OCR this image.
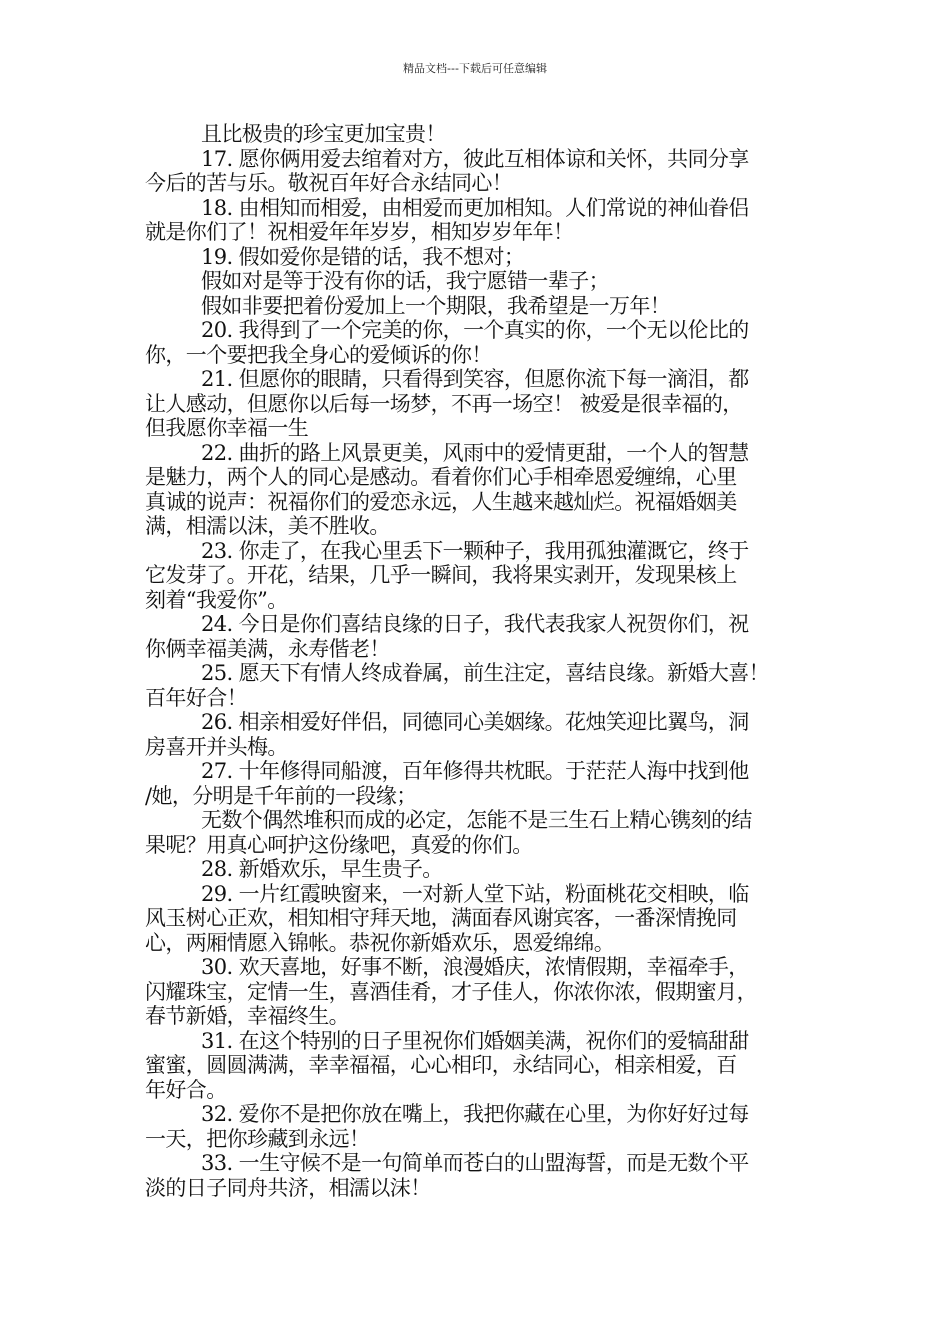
精品文档---下载后可任意编辑
且比极贵的珍宝更加宝贵！
17. 愿你俩用爱去绾着对方，彼此互相体谅和关怀，共同分享
今后的苦与乐。敬祝百年好合永结同心！
18. 由相知而相爱，由相爱而更加相知。人们常说的神仙眷侣
就是你们了！祝相爱年年岁岁，相知岁岁年年！
19. 假如爱你是错的话，我不想对；
假如对是等于没有你的话，我宁愿错一辈子；
假如非要把着份爱加上一个期限，我希望是一万年！
20. 我得到了一个完美的你，一个真实的你，一个无以伦比的
你，一个要把我全身心的爱倾诉的你！
21. 但愿你的眼睛，只看得到笑容，但愿你流下每一滴泪，都
让人感动，但愿你以后每一场梦，不再一场空！ 被爱是很幸福的，
但我愿你幸福一生
22. 曲折的路上风景更美，风雨中的爱情更甜，一个人的智慧
是魅力，两个人的同心是感动。看着你们心手相牵恩爱缠绵，心里
真诚的说声：祝福你们的爱恋永远，人生越来越灿烂。祝福婚姻美
满，相濡以沫，美不胜收。
23. 你走了，在我心里丢下一颗种子，我用孤独灌溉它，终于
它发芽了。开花，结果，几乎一瞬间，我将果实剥开，发现果核上
刻着“我爱你”。
24. 今日是你们喜结良缘的日子，我代表我家人祝贺你们，祝
你俩幸福美满，永寿偕老！
25. 愿天下有情人终成眷属，前生注定，喜结良缘。新婚大喜！
百年好合！
26. 相亲相爱好伴侣，同德同心美姻缘。花烛笑迎比翼鸟，洞
房喜开并头梅。
27. 十年修得同船渡，百年修得共枕眠。于茫茫人海中找到他
/她，分明是千年前的一段缘；
无数个偶然堆积而成的必定，怎能不是三生石上精心镌刻的结
果呢？用真心呵护这份缘吧，真爱的你们。
28. 新婚欢乐，早生贵子。
29. 一片红霞映窗来，一对新人堂下站，粉面桃花交相映，临
风玉树心正欢，相知相守拜天地，满面春风谢宾客，一番深情挽同
心，两厢情愿入锦帐。恭祝你新婚欢乐，恩爱绵绵。
30. 欢天喜地，好事不断，浪漫婚庆，浓情假期，幸福牵手，
闪耀珠宝，定情一生，喜酒佳肴，才子佳人，你浓你浓，假期蜜月，
春节新婚，幸福终生。
31. 在这个特别的日子里祝你们婚姻美满，祝你们的爱犒甜甜
蜜蜜，圆圆满满，幸幸福福，心心相印，永结同心，相亲相爱，百
年好合。
32. 爱你不是把你放在嘴上，我把你藏在心里，为你好好过每
一天，把你珍藏到永远！
33. 一生守候不是一句简单而苍白的山盟海誓，而是无数个平
淡的日子同舟共济，相濡以沫！
